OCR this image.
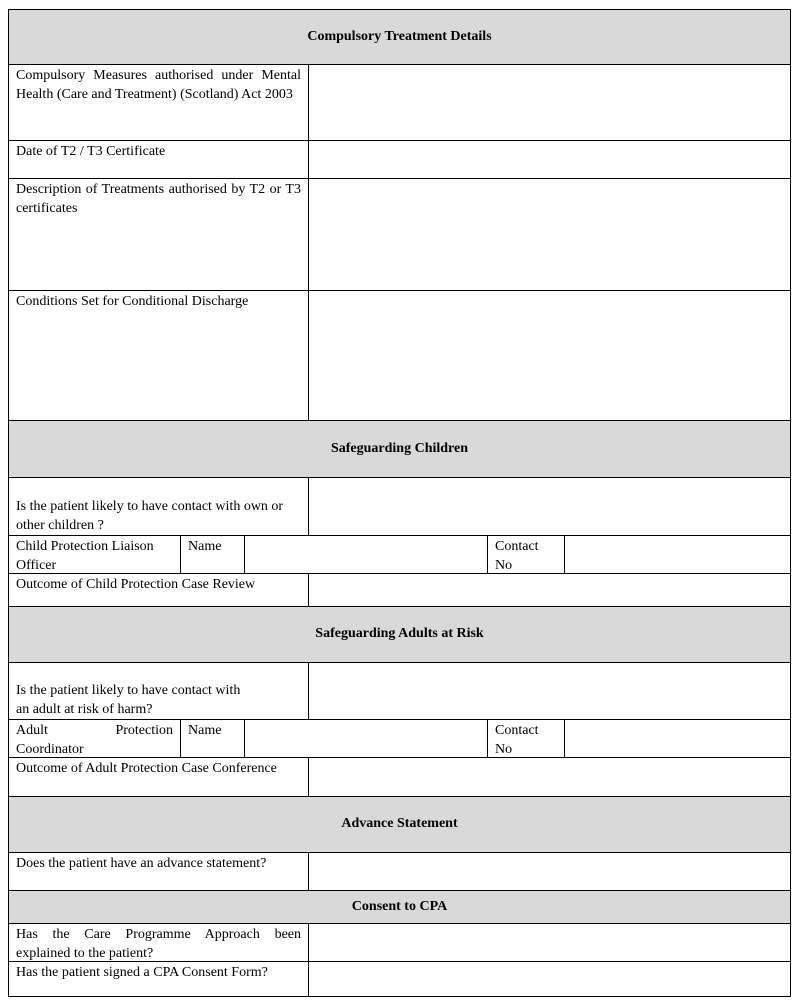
Compulsory Treatment Details
Compulsory Measures authorised under Mental Health (Care and Treatment) (Scotland) Act 2003
Date of T2 / T3 Certificate
Description of Treatments authorised by T2 or T3 certificates
Conditions Set for Conditional Discharge
Safeguarding Children
Is the patient likely to have contact with own or other children ?
Child Protection Liaison Officer
Name	Contact No
Outcome of Child Protection Case Review
Safeguarding Adults at Risk
Is the patient likely to have contact with
an adult at risk of harm?
Adult Protection Coordinator
Name	Contact No
Outcome of Adult Protection Case Conference
Advance Statement
Does the patient have an advance statement?
Consent to CPA
Has the Care Programme Approach been explained to the patient?
Has the patient signed a CPA Consent Form?
